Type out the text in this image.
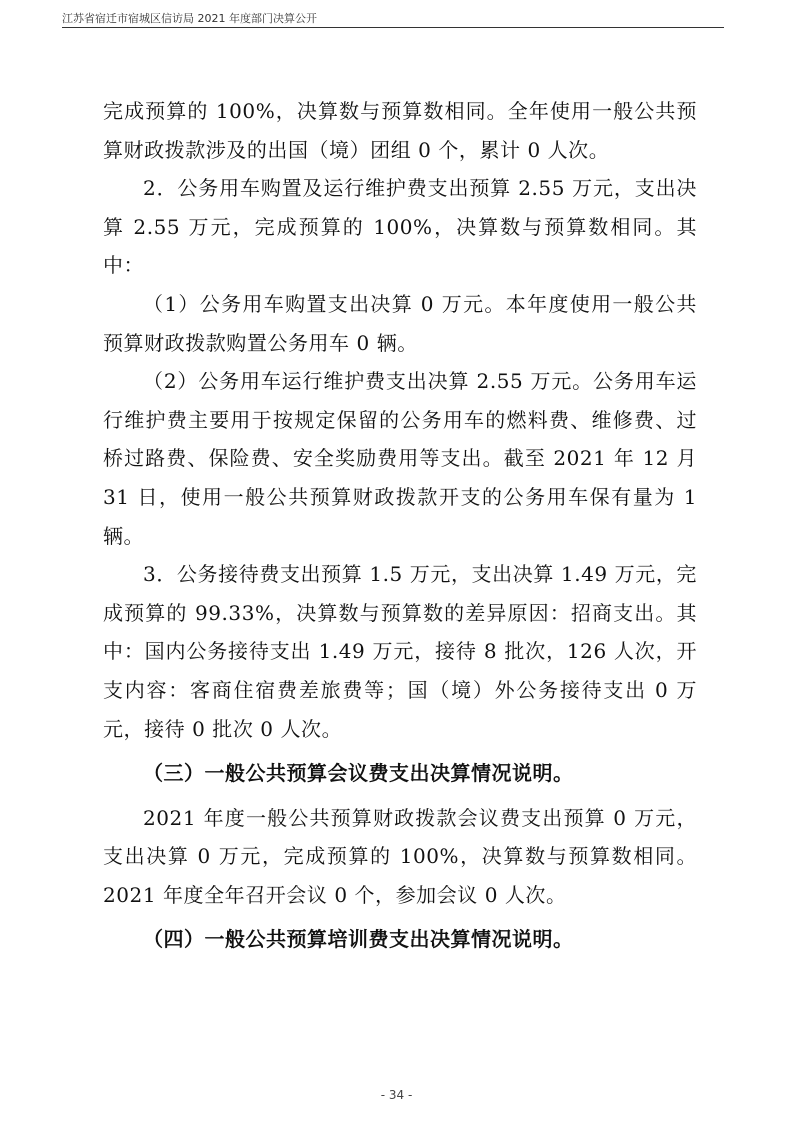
江苏省宿迁市宿城区信访局 2021 年度部门决算公开

完成预算的 100%，决算数与预算数相同。全年使用一般公共预算财政拨款涉及的出国（境）团组 0 个，累计 0 人次。

2．公务用车购置及运行维护费支出预算 2.55 万元，支出决算 2.55 万元，完成预算的 100%，决算数与预算数相同。其中：

（1）公务用车购置支出决算 0 万元。本年度使用一般公共预算财政拨款购置公务用车 0 辆。

（2）公务用车运行维护费支出决算 2.55 万元。公务用车运行维护费主要用于按规定保留的公务用车的燃料费、维修费、过桥过路费、保险费、安全奖励费用等支出。截至 2021 年 12 月 31 日，使用一般公共预算财政拨款开支的公务用车保有量为 1 辆。

3．公务接待费支出预算 1.5 万元，支出决算 1.49 万元，完成预算的 99.33%，决算数与预算数的差异原因：招商支出。其中：国内公务接待支出 1.49 万元，接待 8 批次，126 人次，开支内容：客商住宿费差旅费等；国（境）外公务接待支出 0 万元，接待 0 批次 0 人次。

（三）一般公共预算会议费支出决算情况说明。

2021 年度一般公共预算财政拨款会议费支出预算 0 万元，支出决算 0 万元，完成预算的 100%，决算数与预算数相同。2021 年度全年召开会议 0 个，参加会议 0 人次。

（四）一般公共预算培训费支出决算情况说明。

- 34 -
